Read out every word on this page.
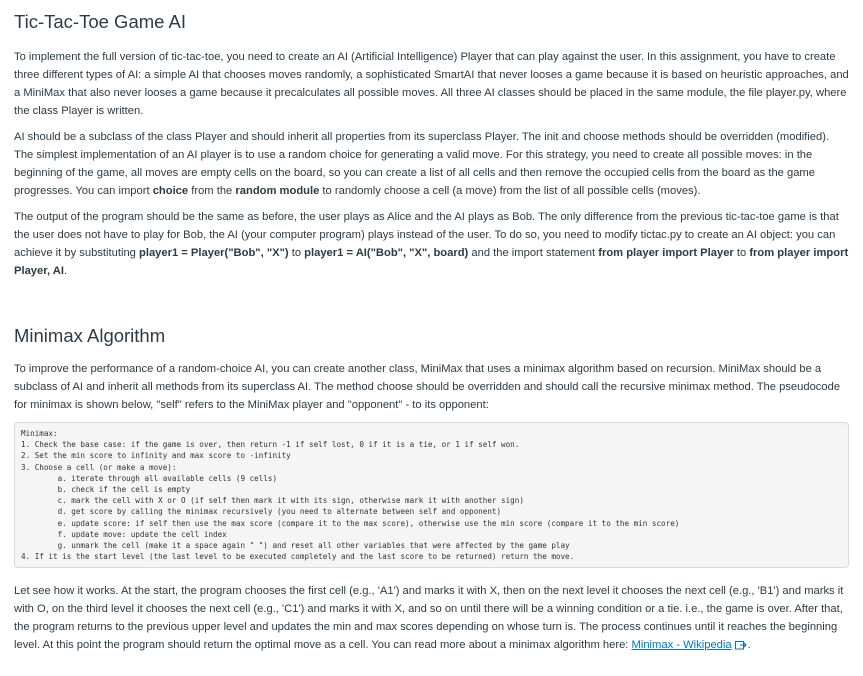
Tic-Tac-Toe Game AI

To implement the full version of tic-tac-toe, you need to create an AI (Artificial Intelligence) Player that can play against the user. In this assignment, you have to create three different types of AI: a simple AI that chooses moves randomly, a sophisticated SmartAI that never looses a game because it is based on heuristic approaches, and a MiniMax that also never looses a game because it precalculates all possible moves. All three AI classes should be placed in the same module, the file player.py, where the class Player is written.

AI should be a subclass of the class Player and should inherit all properties from its superclass Player. The init and choose methods should be overridden (modified). The simplest implementation of an AI player is to use a random choice for generating a valid move. For this strategy, you need to create all possible moves: in the beginning of the game, all moves are empty cells on the board, so you can create a list of all cells and then remove the occupied cells from the board as the game progresses. You can import choice from the random module to randomly choose a cell (a move) from the list of all possible cells (moves).

The output of the program should be the same as before, the user plays as Alice and the AI plays as Bob. The only difference from the previous tic-tac-toe game is that the user does not have to play for Bob, the AI (your computer program) plays instead of the user. To do so, you need to modify tictac.py to create an AI object: you can achieve it by substituting player1 = Player("Bob", "X") to player1 = AI("Bob", "X", board) and the import statement from player import Player to from player import Player, AI.

Minimax Algorithm

To improve the performance of a random-choice AI, you can create another class, MiniMax that uses a minimax algorithm based on recursion. MiniMax should be a subclass of AI and inherit all methods from its superclass AI. The method choose should be overridden and should call the recursive minimax method. The pseudocode for minimax is shown below, "self" refers to the MiniMax player and "opponent" - to its opponent:

Minimax:
1. Check the base case: if the game is over, then return -1 if self lost, 0 if it is a tie, or 1 if self won.
2. Set the min score to infinity and max score to -infinity
3. Choose a cell (or make a move):
a. iterate through all available cells (9 cells)
b. check if the cell is empty
c. mark the cell with X or O (if self then mark it with its sign, otherwise mark it with another sign)
d. get score by calling the minimax recursively (you need to alternate between self and opponent)
e. update score: if self then use the max score (compare it to the max score), otherwise use the min score (compare it to the min score)
f. update move: update the cell index
g. unmark the cell (make it a space again " ") and reset all other variables that were affected by the game play
4. If it is the start level (the last level to be executed completely and the last score to be returned) return the move.

Let see how it works. At the start, the program chooses the first cell (e.g., 'A1') and marks it with X, then on the next level it chooses the next cell (e.g., 'B1') and marks it with O, on the third level it chooses the next cell (e.g., 'C1') and marks it with X, and so on until there will be a winning condition or a tie. i.e., the game is over. After that, the program returns to the previous upper level and updates the min and max scores depending on whose turn is. The process continues until it reaches the beginning level. At this point the program should return the optimal move as a cell. You can read more about a minimax algorithm here: Minimax - Wikipedia .
